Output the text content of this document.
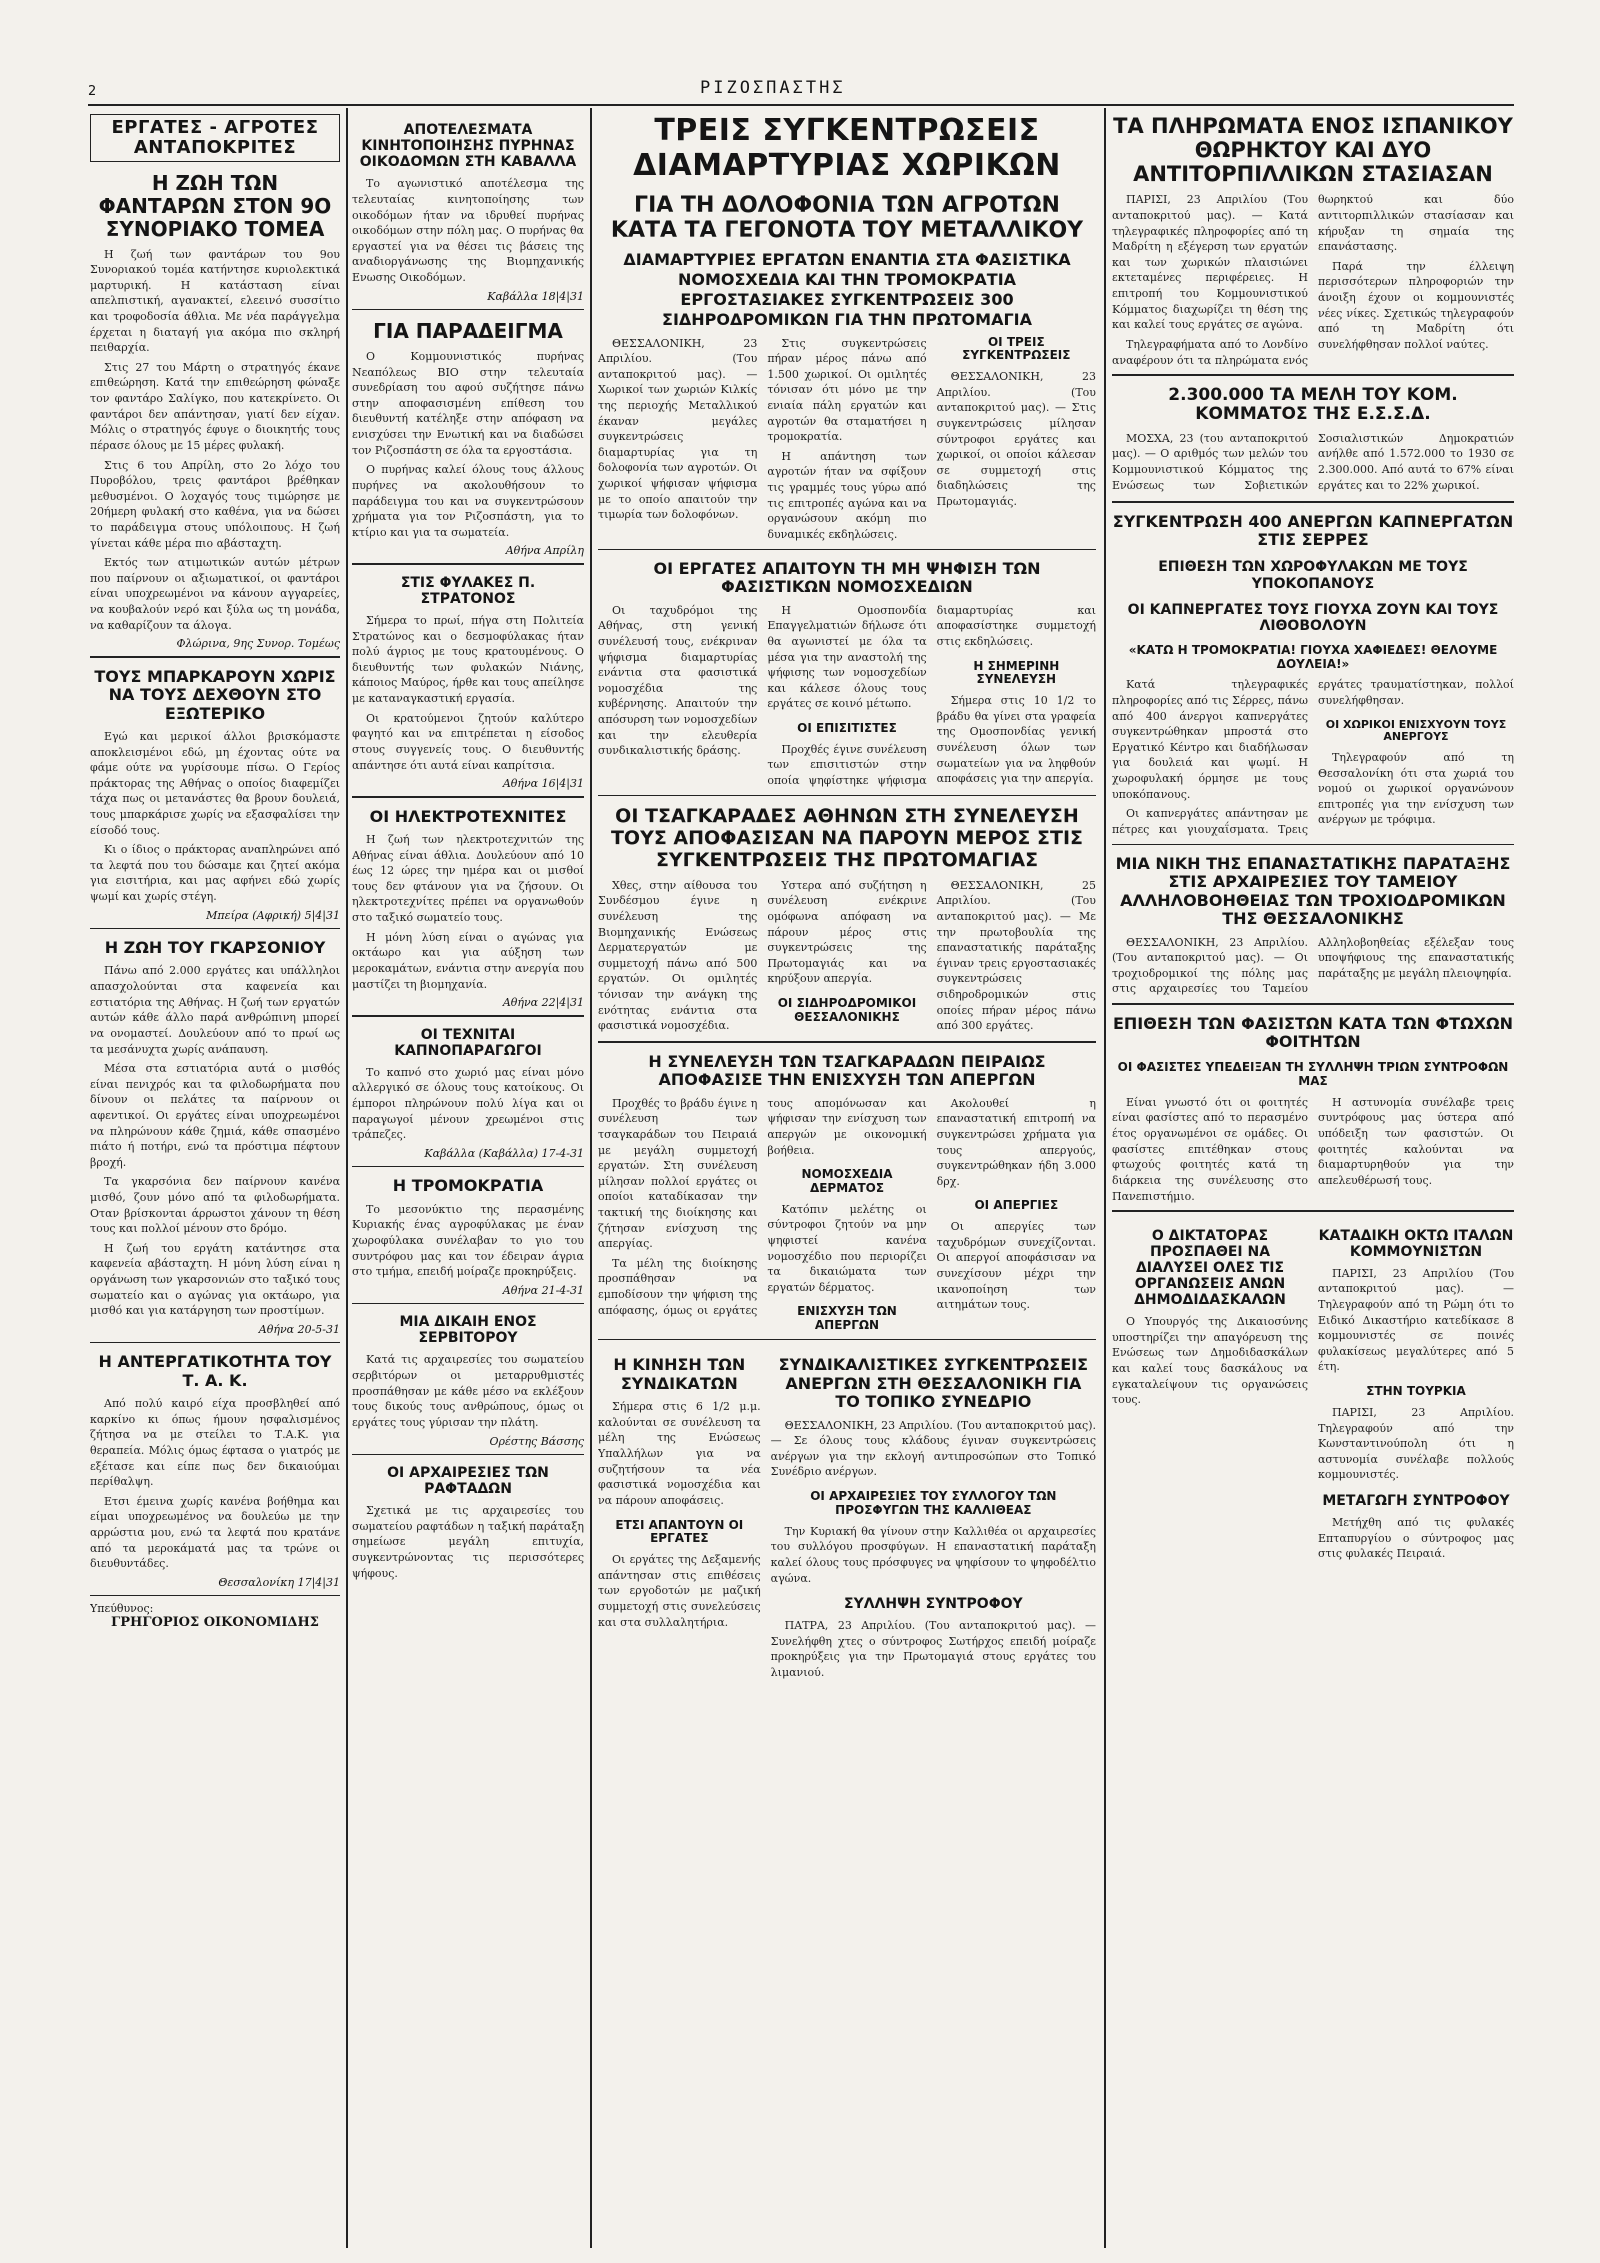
2	ΡΙΖΟΣΠΑΣΤΗΣ
ΕΡΓΑΤΕΣ - ΑΓΡΟΤΕΣ ΑΝΤΑΠΟΚΡΙΤΕΣ
Η ΖΩΗ ΤΩΝ ΦΑΝΤΑΡΩΝ ΣΤΟΝ 9Ο ΣΥΝΟΡΙΑΚΟ ΤΟΜΕΑ

Η ζωή των φαντάρων του 9ου Συνοριακού τομέα κατήντησε κυριολεκτικά μαρτυρική. Η κατάσταση είναι απελπιστική, αγανακτεί, ελεεινό συσσίτιο και τροφοδοσία άθλια. Με νέα παράγγελμα έρχεται η διαταγή για ακόμα πιο σκληρή πειθαρχία.

Στις 27 του Μάρτη ο στρατηγός έκανε επιθεώρηση. Κατά την επιθεώρηση φώναξε τον φαντάρο Σαλίγκο, που κατεκρίνετο. Οι φαντάροι δεν απάντησαν, γιατί δεν είχαν. Μόλις ο στρατηγός έφυγε ο διοικητής τους πέρασε όλους με 15 μέρες φυλακή.

Στις 6 του Απρίλη, στο 2ο λόχο του Πυροβόλου, τρεις φαντάροι βρέθηκαν μεθυσμένοι. Ο λοχαγός τους τιμώρησε με 20ήμερη φυλακή στο καθένα, για να δώσει το παράδειγμα στους υπόλοιπους. Η ζωή γίνεται κάθε μέρα πιο αβάσταχτη.

Εκτός των ατιμωτικών αυτών μέτρων που παίρνουν οι αξιωματικοί, οι φαντάροι είναι υποχρεωμένοι να κάνουν αγγαρείες, να κουβαλούν νερό και ξύλα ως τη μονάδα, να καθαρίζουν τα άλογα.

Φλώρινα, 9ης Συνορ. Τομέως
ΤΟΥΣ ΜΠΑΡΚΑΡΟΥΝ ΧΩΡΙΣ ΝΑ ΤΟΥΣ ΔΕΧΘΟΥΝ ΣΤΟ ΕΞΩΤΕΡΙΚΟ

Εγώ και μερικοί άλλοι βρισκόμαστε αποκλεισμένοι εδώ, μη έχοντας ούτε να φάμε ούτε να γυρίσουμε πίσω. Ο Γερίος πράκτορας της Αθήνας ο οποίος διαφεμίζει τάχα πως οι μετανάστες θα βρουν δουλειά, τους μπαρκάρισε χωρίς να εξασφαλίσει την είσοδό τους.

Κι ο ίδιος ο πράκτορας αναπληρώνει από τα λεφτά που του δώσαμε και ζητεί ακόμα για εισιτήρια, και μας αφήνει εδώ χωρίς ψωμί και χωρίς στέγη.

Μπείρα (Αφρική) 5|4|31
Η ΖΩΗ ΤΟΥ ΓΚΑΡΣΟΝΙΟΥ

Πάνω από 2.000 εργάτες και υπάλληλοι απασχολούνται στα καφενεία και εστιατόρια της Αθήνας. Η ζωή των εργατών αυτών κάθε άλλο παρά ανθρώπινη μπορεί να ονομαστεί. Δουλεύουν από το πρωί ως τα μεσάνυχτα χωρίς ανάπαυση.

Μέσα στα εστιατόρια αυτά ο μισθός είναι πενιχρός και τα φιλοδωρήματα που δίνουν οι πελάτες τα παίρνουν οι αφεντικοί. Οι εργάτες είναι υποχρεωμένοι να πληρώνουν κάθε ζημιά, κάθε σπασμένο πιάτο ή ποτήρι, ενώ τα πρόστιμα πέφτουν βροχή.

Τα γκαρσόνια δεν παίρνουν κανένα μισθό, ζουν μόνο από τα φιλοδωρήματα. Οταν βρίσκονται άρρωστοι χάνουν τη θέση τους και πολλοί μένουν στο δρόμο.

Η ζωή του εργάτη κατάντησε στα καφενεία αβάσταχτη. Η μόνη λύση είναι η οργάνωση των γκαρσονιών στο ταξικό τους σωματείο και ο αγώνας για οκτάωρο, για μισθό και για κατάργηση των προστίμων.

Αθήνα 20-5-31
Η ΑΝΤΕΡΓΑΤΙΚΟΤΗΤΑ ΤΟΥ Τ. Α. Κ.

Από πολύ καιρό είχα προσβληθεί από καρκίνο κι όπως ήμουν ησφαλισμένος ζήτησα να με στείλει το Τ.Α.Κ. για θεραπεία. Μόλις όμως έφτασα ο γιατρός με εξέτασε και είπε πως δεν δικαιούμαι περίθαλψη.

Ετσι έμεινα χωρίς κανένα βοήθημα και είμαι υποχρεωμένος να δουλεύω με την αρρώστια μου, ενώ τα λεφτά που κρατάνε από τα μεροκάματά μας τα τρώνε οι διευθυντάδες.

Θεσσαλονίκη 17|4|31
Υπεύθυνος:
ΓΡΗΓΟΡΙΟΣ ΟΙΚΟΝΟΜΙΔΗΣ
ΑΠΟΤΕΛΕΣΜΑΤΑ ΚΙΝΗΤΟΠΟΙΗΣΗΣ ΠΥΡΗΝΑΣ ΟΙΚΟΔΟΜΩΝ ΣΤΗ ΚΑΒΑΛΛΑ

Το αγωνιστικό αποτέλεσμα της τελευταίας κινητοποίησης των οικοδόμων ήταν να ιδρυθεί πυρήνας οικοδόμων στην πόλη μας. Ο πυρήνας θα εργαστεί για να θέσει τις βάσεις της αναδιοργάνωσης της Βιομηχανικής Ενωσης Οικοδόμων.

Καβάλλα 18|4|31
ΓΙΑ ΠΑΡΑΔΕΙΓΜΑ

Ο Κομμουνιστικός πυρήνας Νεαπόλεως ΒΙΟ στην τελευταία συνεδρίαση του αφού συζήτησε πάνω στην αποφασισμένη επίθεση του διευθυντή κατέληξε στην απόφαση να ενισχύσει την Ενωτική και να διαδώσει τον Ριζοσπάστη σε όλα τα εργοστάσια.

Ο πυρήνας καλεί όλους τους άλλους πυρήνες να ακολουθήσουν το παράδειγμα του και να συγκεντρώσουν χρήματα για τον Ριζοσπάστη, για το κτίριο και για τα σωματεία.

Αθήνα Απρίλη
ΣΤΙΣ ΦΥΛΑΚΕΣ Π. ΣΤΡΑΤΟΝΟΣ

Σήμερα το πρωί, πήγα στη Πολιτεία Στρατώνος και ο δεσμοφύλακας ήταν πολύ άγριος με τους κρατουμένους. Ο διευθυντής των φυλακών Νιάνης, κάποιος Μαύρος, ήρθε και τους απείλησε με καταναγκαστική εργασία.

Οι κρατούμενοι ζητούν καλύτερο φαγητό και να επιτρέπεται η είσοδος στους συγγενείς τους. Ο διευθυντής απάντησε ότι αυτά είναι καπρίτσια.

Αθήνα 16|4|31
ΟΙ ΗΛΕΚΤΡΟΤΕΧΝΙΤΕΣ

Η ζωή των ηλεκτροτεχνιτών της Αθήνας είναι άθλια. Δουλεύουν από 10 έως 12 ώρες την ημέρα και οι μισθοί τους δεν φτάνουν για να ζήσουν. Οι ηλεκτροτεχνίτες πρέπει να οργανωθούν στο ταξικό σωματείο τους.

Η μόνη λύση είναι ο αγώνας για οκτάωρο και για αύξηση των μεροκαμάτων, ενάντια στην ανεργία που μαστίζει τη βιομηχανία.

Αθήνα 22|4|31
ΟΙ ΤΕΧΝΙΤΑΙ ΚΑΠΝΟΠΑΡΑΓΩΓΟΙ

Το καπνό στο χωριό μας είναι μόνο αλλεργικό σε όλους τους κατοίκους. Οι έμποροι πληρώνουν πολύ λίγα και οι παραγωγοί μένουν χρεωμένοι στις τράπεζες.

Καβάλλα (Καβάλλα) 17-4-31
Η ΤΡΟΜΟΚΡΑΤΙΑ

Το μεσονύκτιο της περασμένης Κυριακής ένας αγροφύλακας με έναν χωροφύλακα συνέλαβαν το γιο του συντρόφου μας και τον έδειραν άγρια στο τμήμα, επειδή μοίραζε προκηρύξεις.

Αθήνα 21-4-31
ΜΙΑ ΔΙΚΑΙΗ ΕΝΟΣ ΣΕΡΒΙΤΟΡΟΥ

Κατά τις αρχαιρεσίες του σωματείου σερβιτόρων οι μεταρρυθμιστές προσπάθησαν με κάθε μέσο να εκλέξουν τους δικούς τους ανθρώπους, όμως οι εργάτες τους γύρισαν την πλάτη.

Ορέστης Βάσσης
ΟΙ ΑΡΧΑΙΡΕΣΙΕΣ ΤΩΝ ΡΑΦΤΑΔΩΝ

Σχετικά με τις αρχαιρεσίες του σωματείου ραφτάδων η ταξική παράταξη σημείωσε μεγάλη επιτυχία, συγκεντρώνοντας τις περισσότερες ψήφους.

ΤΡΕΙΣ ΣΥΓΚΕΝΤΡΩΣΕΙΣ ΔΙΑΜΑΡΤΥΡΙΑΣ ΧΩΡΙΚΩΝ
ΓΙΑ ΤΗ ΔΟΛΟΦΟΝΙΑ ΤΩΝ ΑΓΡΟΤΩΝ ΚΑΤΑ ΤΑ ΓΕΓΟΝΟΤΑ ΤΟΥ ΜΕΤΑΛΛΙΚΟΥ
ΔΙΑΜΑΡΤΥΡΙΕΣ ΕΡΓΑΤΩΝ ΕΝΑΝΤΙΑ ΣΤΑ ΦΑΣΙΣΤΙΚΑ ΝΟΜΟΣΧΕΔΙΑ ΚΑΙ ΤΗΝ ΤΡΟΜΟΚΡΑΤΙΑ
ΕΡΓΟΣΤΑΣΙΑΚΕΣ ΣΥΓΚΕΝΤΡΩΣΕΙΣ 300 ΣΙΔΗΡΟΔΡΟΜΙΚΩΝ ΓΙΑ ΤΗΝ ΠΡΩΤΟΜΑΓΙΑ

ΘΕΣΣΑΛΟΝΙΚΗ, 23 Απριλίου. (Του ανταποκριτού μας). — Χωρικοί των χωριών Κιλκίς της περιοχής Μεταλλικού έκαναν μεγάλες συγκεντρώσεις διαμαρτυρίας για τη δολοφονία των αγροτών. Οι χωρικοί ψήφισαν ψήφισμα με το οποίο απαιτούν την τιμωρία των δολοφόνων.

Στις συγκεντρώσεις πήραν μέρος πάνω από 1.500 χωρικοί. Οι ομιλητές τόνισαν ότι μόνο με την ενιαία πάλη εργατών και αγροτών θα σταματήσει η τρομοκρατία.

Η απάντηση των αγροτών ήταν να σφίξουν τις γραμμές τους γύρω από τις επιτροπές αγώνα και να οργανώσουν ακόμη πιο δυναμικές εκδηλώσεις.

ΟΙ ΤΡΕΙΣ ΣΥΓΚΕΝΤΡΩΣΕΙΣ

ΘΕΣΣΑΛΟΝΙΚΗ, 23 Απριλίου. (Του ανταποκριτού μας). — Στις συγκεντρώσεις μίλησαν σύντροφοι εργάτες και χωρικοί, οι οποίοι κάλεσαν σε συμμετοχή στις διαδηλώσεις της Πρωτομαγιάς.

ΟΙ ΕΡΓΑΤΕΣ ΑΠΑΙΤΟΥΝ ΤΗ ΜΗ ΨΗΦΙΣΗ ΤΩΝ ΦΑΣΙΣΤΙΚΩΝ ΝΟΜΟΣΧΕΔΙΩΝ

Οι ταχυδρόμοι της Αθήνας, στη γενική συνέλευσή τους, ενέκριναν ψήφισμα διαμαρτυρίας ενάντια στα φασιστικά νομοσχέδια της κυβέρνησης. Απαιτούν την απόσυρση των νομοσχεδίων και την ελευθερία συνδικαλιστικής δράσης.

Η Ομοσπονδία Επαγγελματιών δήλωσε ότι θα αγωνιστεί με όλα τα μέσα για την αναστολή της ψήφισης των νομοσχεδίων και κάλεσε όλους τους εργάτες σε κοινό μέτωπο.

ΟΙ ΕΠΙΣΙΤΙΣΤΕΣ

Προχθές έγινε συνέλευση των επισιτιστών στην οποία ψηφίστηκε ψήφισμα διαμαρτυρίας και αποφασίστηκε συμμετοχή στις εκδηλώσεις.

Η ΣΗΜΕΡΙΝΗ ΣΥΝΕΛΕΥΣΗ

Σήμερα στις 10 1/2 το βράδυ θα γίνει στα γραφεία της Ομοσπονδίας γενική συνέλευση όλων των σωματείων για να ληφθούν αποφάσεις για την απεργία.

ΟΙ ΤΣΑΓΚΑΡΑΔΕΣ ΑΘΗΝΩΝ ΣΤΗ ΣΥΝΕΛΕΥΣΗ ΤΟΥΣ ΑΠΟΦΑΣΙΣΑΝ ΝΑ ΠΑΡΟΥΝ ΜΕΡΟΣ ΣΤΙΣ ΣΥΓΚΕΝΤΡΩΣΕΙΣ ΤΗΣ ΠΡΩΤΟΜΑΓΙΑΣ

Χθες, στην αίθουσα του Συνδέσμου έγινε η συνέλευση της Βιομηχανικής Ενώσεως Δερματεργατών με συμμετοχή πάνω από 500 εργατών. Οι ομιλητές τόνισαν την ανάγκη της ενότητας ενάντια στα φασιστικά νομοσχέδια.

Υστερα από συζήτηση η συνέλευση ενέκρινε ομόφωνα απόφαση να πάρουν μέρος στις συγκεντρώσεις της Πρωτομαγιάς και να κηρύξουν απεργία.

ΟΙ ΣΙΔΗΡΟΔΡΟΜΙΚΟΙ ΘΕΣΣΑΛΟΝΙΚΗΣ

ΘΕΣΣΑΛΟΝΙΚΗ, 25 Απριλίου. (Του ανταποκριτού μας). — Με την πρωτοβουλία της επαναστατικής παράταξης έγιναν τρεις εργοστασιακές συγκεντρώσεις σιδηροδρομικών στις οποίες πήραν μέρος πάνω από 300 εργάτες.

Η ΣΥΝΕΛΕΥΣΗ ΤΩΝ ΤΣΑΓΚΑΡΑΔΩΝ ΠΕΙΡΑΙΩΣ ΑΠΟΦΑΣΙΣΕ ΤΗΝ ΕΝΙΣΧΥΣΗ ΤΩΝ ΑΠΕΡΓΩΝ

Προχθές το βράδυ έγινε η συνέλευση των τσαγκαράδων του Πειραιά με μεγάλη συμμετοχή εργατών. Στη συνέλευση μίλησαν πολλοί εργάτες οι οποίοι καταδίκασαν την τακτική της διοίκησης και ζήτησαν ενίσχυση της απεργίας.

Τα μέλη της διοίκησης προσπάθησαν να εμποδίσουν την ψήφιση της απόφασης, όμως οι εργάτες τους απομόνωσαν και ψήφισαν την ενίσχυση των απεργών με οικονομική βοήθεια.

ΝΟΜΟΣΧΕΔΙΑ ΔΕΡΜΑΤΟΣ

Κατόπιν μελέτης οι σύντροφοι ζητούν να μην ψηφιστεί κανένα νομοσχέδιο που περιορίζει τα δικαιώματα των εργατών δέρματος.

ΕΝΙΣΧΥΣΗ ΤΩΝ ΑΠΕΡΓΩΝ

Ακολουθεί η επαναστατική επιτροπή να συγκεντρώσει χρήματα για τους απεργούς, συγκεντρώθηκαν ήδη 3.000 δρχ.

ΟΙ ΑΠΕΡΓΙΕΣ

Οι απεργίες των ταχυδρόμων συνεχίζονται. Οι απεργοί αποφάσισαν να συνεχίσουν μέχρι την ικανοποίηση των αιτημάτων τους.

Η ΚΙΝΗΣΗ ΤΩΝ ΣΥΝΔΙΚΑΤΩΝ

Σήμερα στις 6 1/2 μ.μ. καλούνται σε συνέλευση τα μέλη της Ενώσεως Υπαλλήλων για να συζητήσουν τα νέα φασιστικά νομοσχέδια και να πάρουν αποφάσεις.

ΕΤΣΙ ΑΠΑΝΤΟΥΝ ΟΙ ΕΡΓΑΤΕΣ

Οι εργάτες της Δεξαμενής απάντησαν στις επιθέσεις των εργοδοτών με μαζική συμμετοχή στις συνελεύσεις και στα συλλαλητήρια.

ΣΥΝΔΙΚΑΛΙΣΤΙΚΕΣ ΣΥΓΚΕΝΤΡΩΣΕΙΣ ΑΝΕΡΓΩΝ ΣΤΗ ΘΕΣΣΑΛΟΝΙΚΗ ΓΙΑ ΤΟ ΤΟΠΙΚΟ ΣΥΝΕΔΡΙΟ

ΘΕΣΣΑΛΟΝΙΚΗ, 23 Απριλίου. (Του ανταποκριτού μας). — Σε όλους τους κλάδους έγιναν συγκεντρώσεις ανέργων για την εκλογή αντιπροσώπων στο Τοπικό Συνέδριο ανέργων.

ΟΙ ΑΡΧΑΙΡΕΣΙΕΣ ΤΟΥ ΣΥΛΛΟΓΟΥ ΤΩΝ ΠΡΟΣΦΥΓΩΝ ΤΗΣ ΚΑΛΛΙΘΕΑΣ

Την Κυριακή θα γίνουν στην Καλλιθέα οι αρχαιρεσίες του συλλόγου προσφύγων. Η επαναστατική παράταξη καλεί όλους τους πρόσφυγες να ψηφίσουν το ψηφοδέλτιο αγώνα.

ΣΥΛΛΗΨΗ ΣΥΝΤΡΟΦΟΥ

ΠΑΤΡΑ, 23 Απριλίου. (Του ανταποκριτού μας). — Συνελήφθη χτες ο σύντροφος Σωτήρχος επειδή μοίραζε προκηρύξεις για την Πρωτομαγιά στους εργάτες του λιμανιού.

ΤΑ ΠΛΗΡΩΜΑΤΑ ΕΝΟΣ ΙΣΠΑΝΙΚΟΥ ΘΩΡΗΚΤΟΥ ΚΑΙ ΔΥΟ ΑΝΤΙΤΟΡΠΙΛΛΙΚΩΝ ΣΤΑΣΙΑΣΑΝ

ΠΑΡΙΣΙ, 23 Απριλίου (Του ανταποκριτού μας). — Κατά τηλεγραφικές πληροφορίες από τη Μαδρίτη η εξέγερση των εργατών και των χωρικών πλαισιώνει εκτεταμένες περιφέρειες. Η επιτροπή του Κομμουνιστικού Κόμματος διαχωρίζει τη θέση της και καλεί τους εργάτες σε αγώνα.

Τηλεγραφήματα από το Λονδίνο αναφέρουν ότι τα πληρώματα ενός θωρηκτού και δύο αντιτορπιλλικών στασίασαν και κήρυξαν τη σημαία της επανάστασης.

Παρά την έλλειψη περισσότερων πληροφοριών την άνοιξη έχουν οι κομμουνιστές νέες νίκες. Σχετικώς τηλεγραφούν από τη Μαδρίτη ότι συνελήφθησαν πολλοί ναύτες.

2.300.000 ΤΑ ΜΕΛΗ ΤΟΥ ΚΟΜ. ΚΟΜΜΑΤΟΣ ΤΗΣ Ε.Σ.Σ.Δ.

ΜΟΣΧΑ, 23 (του ανταποκριτού μας). — Ο αριθμός των μελών του Κομμουνιστικού Κόμματος της Ενώσεως των Σοβιετικών Σοσιαλιστικών Δημοκρατιών ανήλθε από 1.572.000 το 1930 σε 2.300.000. Από αυτά το 67% είναι εργάτες και το 22% χωρικοί.

ΣΥΓΚΕΝΤΡΩΣΗ 400 ΑΝΕΡΓΩΝ ΚΑΠΝΕΡΓΑΤΩΝ ΣΤΙΣ ΣΕΡΡΕΣ
ΕΠΙΘΕΣΗ ΤΩΝ ΧΩΡΟΦΥΛΑΚΩΝ ΜΕ ΤΟΥΣ ΥΠΟΚΟΠΑΝΟΥΣ
ΟΙ ΚΑΠΝΕΡΓΑΤΕΣ ΤΟΥΣ ΓΙΟΥΧΑ ΖΟΥΝ ΚΑΙ ΤΟΥΣ ΛΙΘΟΒΟΛΟΥΝ
«ΚΑΤΩ Η ΤΡΟΜΟΚΡΑΤΙΑ! ΓΙΟΥΧΑ ΧΑΦΙΕΔΕΣ! ΘΕΛΟΥΜΕ ΔΟΥΛΕΙΑ!»

Κατά τηλεγραφικές πληροφορίες από τις Σέρρες, πάνω από 400 άνεργοι καπνεργάτες συγκεντρώθηκαν μπροστά στο Εργατικό Κέντρο και διαδήλωσαν για δουλειά και ψωμί. Η χωροφυλακή όρμησε με τους υποκόπανους.

Οι καπνεργάτες απάντησαν με πέτρες και γιουχαΐσματα. Τρεις εργάτες τραυματίστηκαν, πολλοί συνελήφθησαν.

ΟΙ ΧΩΡΙΚΟΙ ΕΝΙΣΧΥΟΥΝ ΤΟΥΣ ΑΝΕΡΓΟΥΣ

Τηλεγραφούν από τη Θεσσαλονίκη ότι στα χωριά του νομού οι χωρικοί οργανώνουν επιτροπές για την ενίσχυση των ανέργων με τρόφιμα.

ΜΙΑ ΝΙΚΗ ΤΗΣ ΕΠΑΝΑΣΤΑΤΙΚΗΣ ΠΑΡΑΤΑΞΗΣ ΣΤΙΣ ΑΡΧΑΙΡΕΣΙΕΣ ΤΟΥ ΤΑΜΕΙΟΥ ΑΛΛΗΛΟΒΟΗΘΕΙΑΣ ΤΩΝ ΤΡΟΧΙΟΔΡΟΜΙΚΩΝ ΤΗΣ ΘΕΣΣΑΛΟΝΙΚΗΣ

ΘΕΣΣΑΛΟΝΙΚΗ, 23 Απριλίου. (Του ανταποκριτού μας). — Οι τροχιοδρομικοί της πόλης μας στις αρχαιρεσίες του Ταμείου Αλληλοβοηθείας εξέλεξαν τους υποψήφιους της επαναστατικής παράταξης με μεγάλη πλειοψηφία.

ΕΠΙΘΕΣΗ ΤΩΝ ΦΑΣΙΣΤΩΝ ΚΑΤΑ ΤΩΝ ΦΤΩΧΩΝ ΦΟΙΤΗΤΩΝ
ΟΙ ΦΑΣΙΣΤΕΣ ΥΠΕΔΕΙΞΑΝ ΤΗ ΣΥΛΛΗΨΗ ΤΡΙΩΝ ΣΥΝΤΡΟΦΩΝ ΜΑΣ

Είναι γνωστό ότι οι φοιτητές είναι φασίστες από το περασμένο έτος οργανωμένοι σε ομάδες. Οι φασίστες επιτέθηκαν στους φτωχούς φοιτητές κατά τη διάρκεια της συνέλευσης στο Πανεπιστήμιο.

Η αστυνομία συνέλαβε τρεις συντρόφους μας ύστερα από υπόδειξη των φασιστών. Οι φοιτητές καλούνται να διαμαρτυρηθούν για την απελευθέρωσή τους.

Ο ΔΙΚΤΑΤΟΡΑΣ ΠΡΟΣΠΑΘΕΙ ΝΑ ΔΙΑΛΥΣΕΙ ΟΛΕΣ ΤΙΣ ΟΡΓΑΝΩΣΕΙΣ ΑΝΩΝ ΔΗΜΟΔΙΔΑΣΚΑΛΩΝ

Ο Υπουργός της Δικαιοσύνης υποστηρίζει την απαγόρευση της Ενώσεως των Δημοδιδασκάλων και καλεί τους δασκάλους να εγκαταλείψουν τις οργανώσεις τους.

ΚΑΤΑΔΙΚΗ ΟΚΤΩ ΙΤΑΛΩΝ ΚΟΜΜΟΥΝΙΣΤΩΝ

ΠΑΡΙΣΙ, 23 Απριλίου (Του ανταποκριτού μας). — Τηλεγραφούν από τη Ρώμη ότι το Ειδικό Δικαστήριο κατεδίκασε 8 κομμουνιστές σε ποινές φυλακίσεως μεγαλύτερες από 5 έτη.

ΣΤΗΝ ΤΟΥΡΚΙΑ

ΠΑΡΙΣΙ, 23 Απριλίου. Τηλεγραφούν από την Κωνσταντινούπολη ότι η αστυνομία συνέλαβε πολλούς κομμουνιστές.

ΜΕΤΑΓΩΓΗ ΣΥΝΤΡΟΦΟΥ

Μετήχθη από τις φυλακές Επταπυργίου ο σύντροφος μας στις φυλακές Πειραιά.
